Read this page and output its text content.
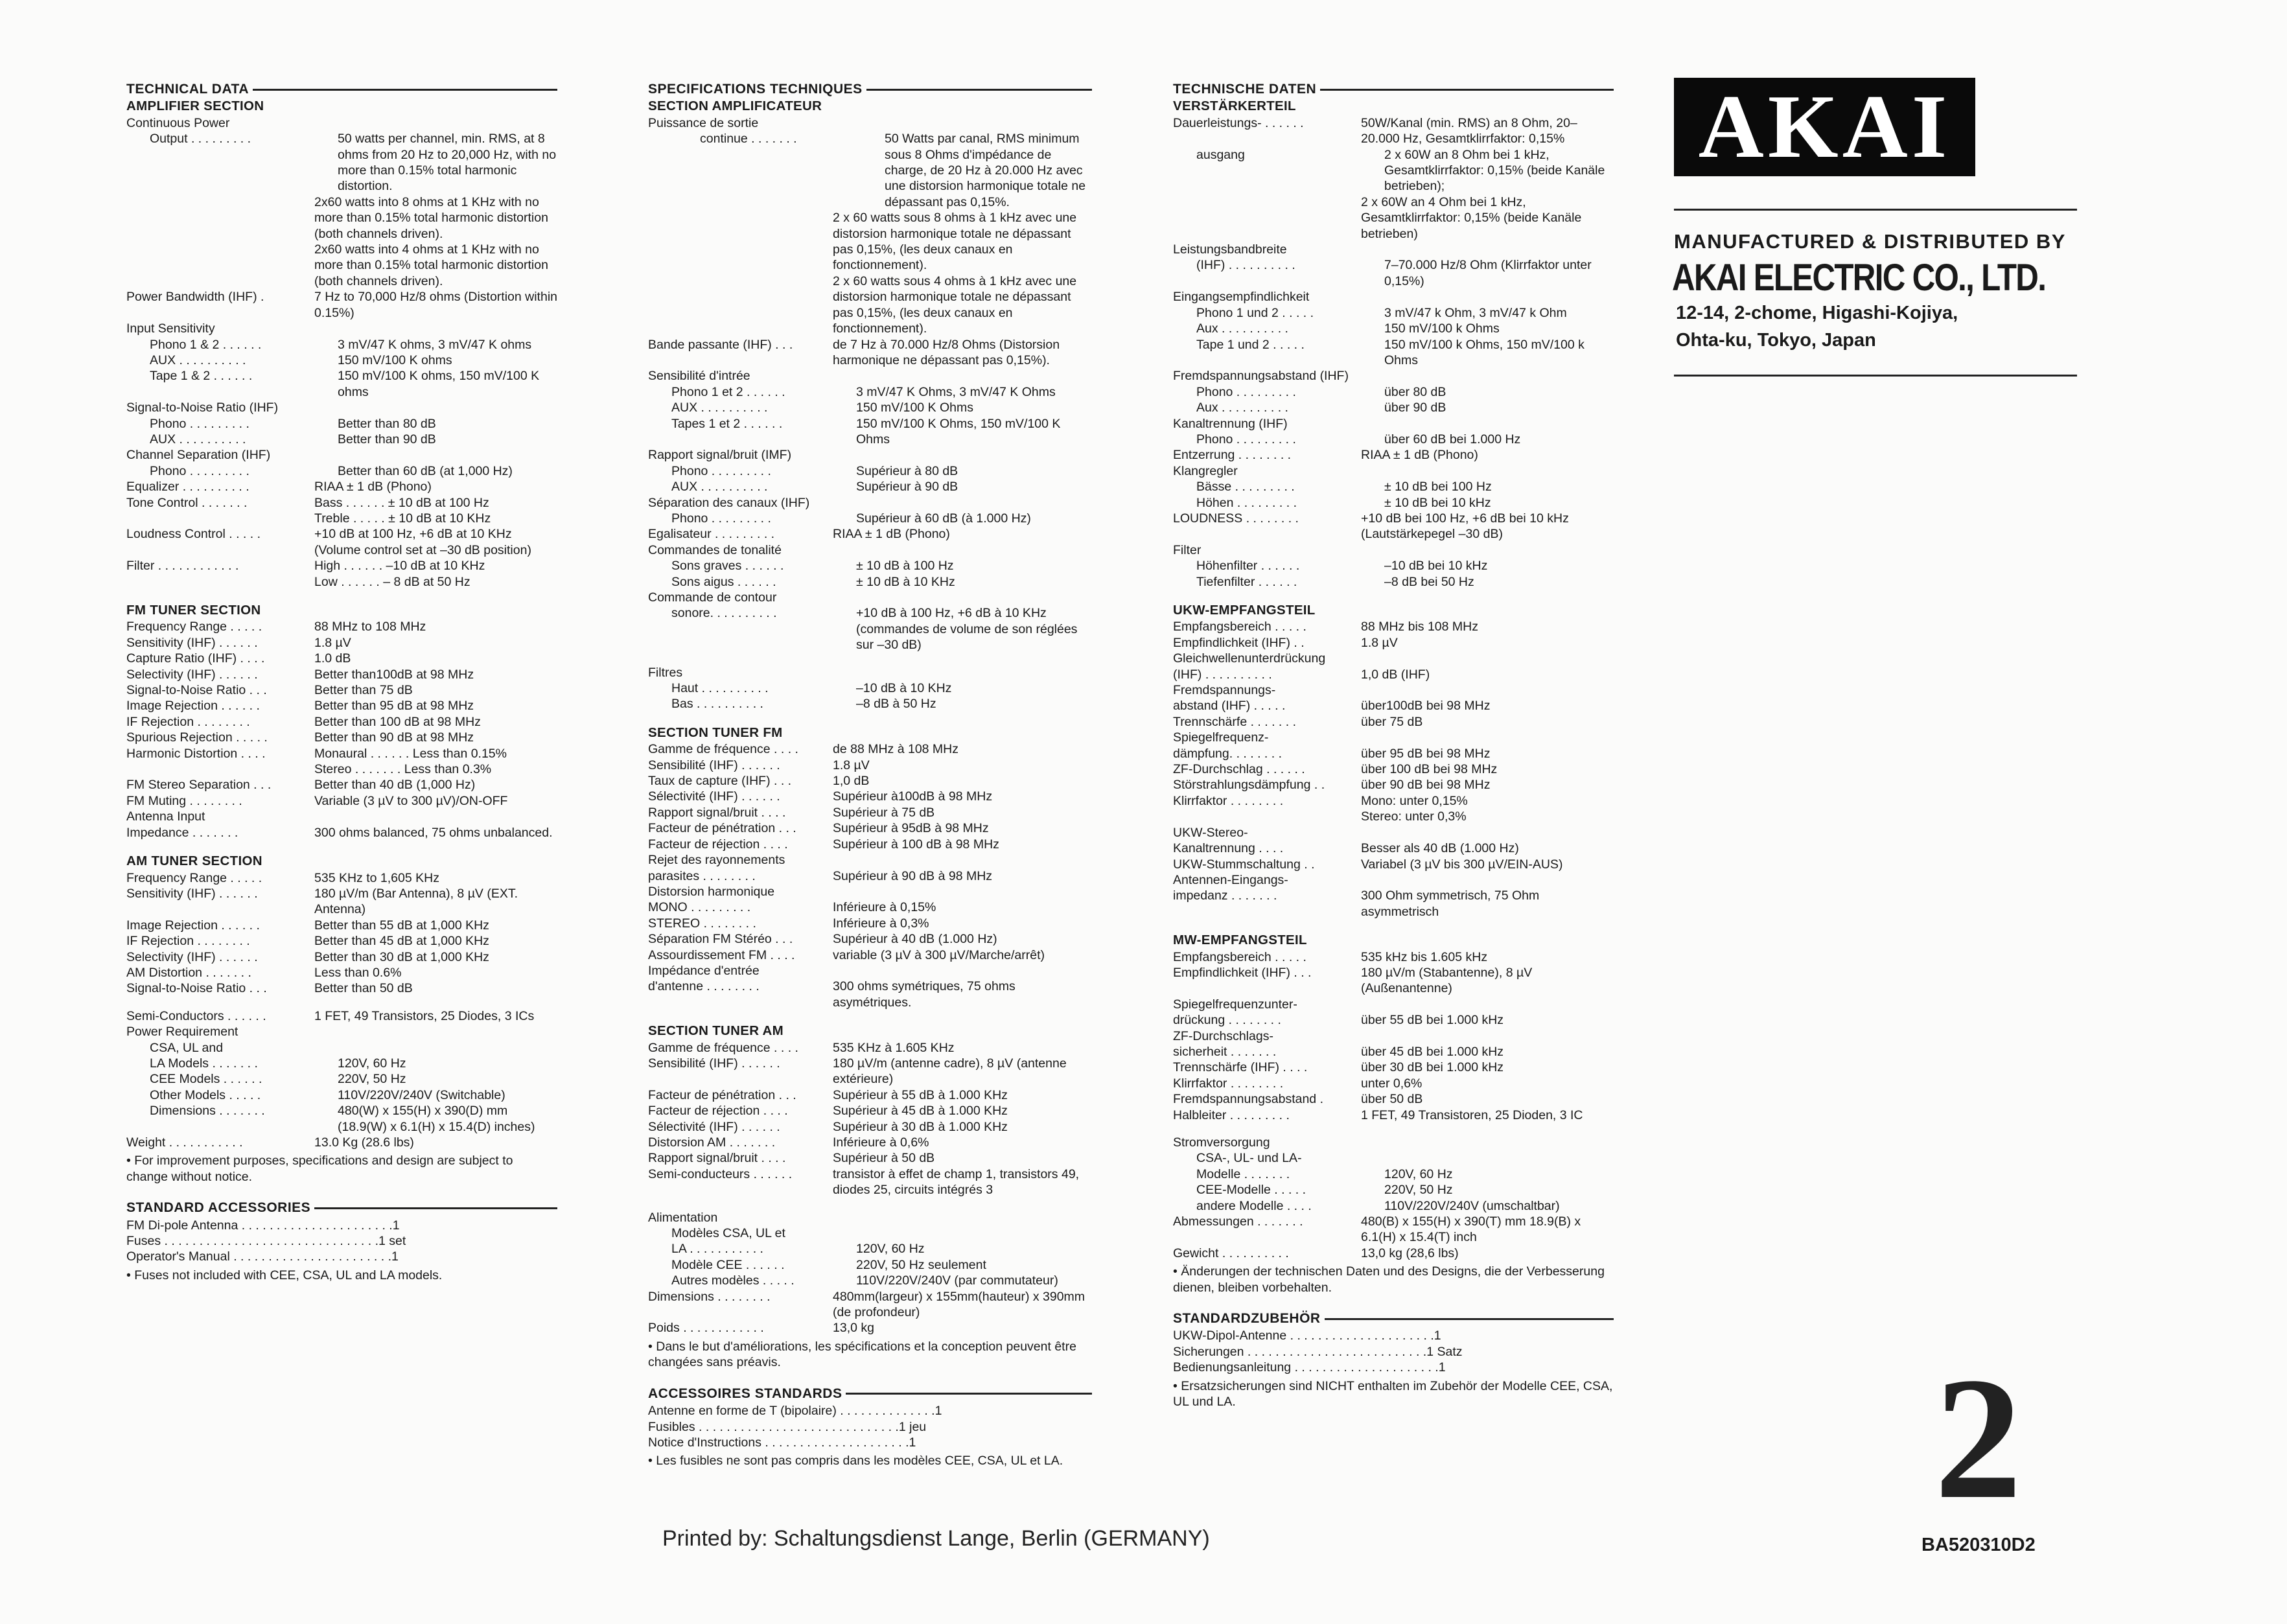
TECHNICAL DATA
AMPLIFIER SECTION
Continuous Power
Output . . . . . . . . .	50 watts per channel, min. RMS, at 8 ohms from 20 Hz to 20,000 Hz, with no more than 0.15% total harmonic distortion.
2x60 watts into 8 ohms at 1 KHz with no more than 0.15% total harmonic distortion (both channels driven).
2x60 watts into 4 ohms at 1 KHz with no more than 0.15% total harmonic distortion (both channels driven).
Power Bandwidth (IHF) .	7 Hz to 70,000 Hz/8 ohms (Distortion within 0.15%)
Input Sensitivity
Phono 1 & 2 . . . . . .	3 mV/47 K ohms, 3 mV/47 K ohms
AUX . . . . . . . . . .	150 mV/100 K ohms
Tape 1 & 2 . . . . . .	150 mV/100 K ohms, 150 mV/100 K ohms
Signal-to-Noise Ratio (IHF)
Phono . . . . . . . . .	Better than 80 dB
AUX . . . . . . . . . .	Better than 90 dB
Channel Separation (IHF)
Phono . . . . . . . . .	Better than 60 dB (at 1,000 Hz)
Equalizer . . . . . . . . . .	RIAA ± 1 dB (Phono)
Tone Control . . . . . . .	Bass . . . . . . ± 10 dB at 100 Hz
Treble . . . . . ± 10 dB at 10 KHz
Loudness Control . . . . .	+10 dB at 100 Hz, +6 dB at 10 KHz (Volume control set at –30 dB position)
Filter . . . . . . . . . . . .	High . . . . . . –10 dB at 10 KHz
Low . . . . . . – 8 dB at 50 Hz
FM TUNER SECTION
Frequency Range . . . . .	88 MHz to 108 MHz
Sensitivity (IHF) . . . . . .	1.8 µV
Capture Ratio (IHF) . . . .	1.0 dB
Selectivity (IHF) . . . . . .	Better than100dB at 98 MHz
Signal-to-Noise Ratio . . .	Better than 75 dB
Image Rejection . . . . . .	Better than 95 dB at 98 MHz
IF Rejection . . . . . . . .	Better than 100 dB at 98 MHz
Spurious Rejection . . . . .	Better than 90 dB at 98 MHz
Harmonic Distortion . . . .	Monaural . . . . . . Less than 0.15%
Stereo . . . . . . . Less than 0.3%
FM Stereo Separation . . .	Better than 40 dB (1,000 Hz)
FM Muting . . . . . . . .	Variable (3 µV to 300 µV)/ON-OFF
Antenna Input
Impedance . . . . . . .	300 ohms balanced, 75 ohms unbalanced.
AM TUNER SECTION
Frequency Range . . . . .	535 KHz to 1,605 KHz
Sensitivity (IHF) . . . . . .	180 µV/m (Bar Antenna), 8 µV (EXT. Antenna)
Image Rejection . . . . . .	Better than 55 dB at 1,000 KHz
IF Rejection . . . . . . . .	Better than 45 dB at 1,000 KHz
Selectivity (IHF) . . . . . .	Better than 30 dB at 1,000 KHz
AM Distortion . . . . . . .	Less than 0.6%
Signal-to-Noise Ratio . . .	Better than 50 dB
Semi-Conductors . . . . . .	1 FET, 49 Transistors, 25 Diodes, 3 ICs
Power Requirement
CSA, UL and
LA Models . . . . . . .	120V, 60 Hz
CEE Models . . . . . .	220V, 50 Hz
Other Models . . . . .	110V/220V/240V (Switchable)
Dimensions . . . . . . .	480(W) x 155(H) x 390(D) mm (18.9(W) x 6.1(H) x 15.4(D) inches)
Weight . . . . . . . . . . .	13.0 Kg (28.6 lbs)
• For improvement purposes, specifications and design are subject to change without notice.
STANDARD ACCESSORIES
FM Di-pole Antenna . . . . . . . . . . . . . . . . . . . . . . 1
Fuses . . . . . . . . . . . . . . . . . . . . . . . . . . . . . . . 1 set
Operator's Manual . . . . . . . . . . . . . . . . . . . . . . . 1
• Fuses not included with CEE, CSA, UL and LA models.
SPECIFICATIONS TECHNIQUES
SECTION AMPLIFICATEUR
Puissance de sortie
continue . . . . . . .	50 Watts par canal, RMS minimum sous 8 Ohms d'impédance de charge, de 20 Hz à 20.000 Hz avec une distorsion harmonique totale ne dépassant pas 0,15%.
2 x 60 watts sous 8 ohms à 1 kHz avec une distorsion harmonique totale ne dépassant pas 0,15%, (les deux canaux en fonctionnement).
2 x 60 watts sous 4 ohms à 1 kHz avec une distorsion harmonique totale ne dépassant pas 0,15%, (les deux canaux en fonctionnement).
Bande passante (IHF) . . .	de 7 Hz à 70.000 Hz/8 Ohms (Distorsion harmonique ne dépassant pas 0,15%).
Sensibilité d'intrée
Phono 1 et 2 . . . . . .	3 mV/47 K Ohms, 3 mV/47 K Ohms
AUX . . . . . . . . . .	150 mV/100 K Ohms
Tapes 1 et 2 . . . . . .	150 mV/100 K Ohms, 150 mV/100 K Ohms
Rapport signal/bruit (IMF)
Phono . . . . . . . . .	Supérieur à 80 dB
AUX . . . . . . . . . .	Supérieur à 90 dB
Séparation des canaux (IHF)
Phono . . . . . . . . .	Supérieur à 60 dB (à 1.000 Hz)
Egalisateur . . . . . . . . .	RIAA ± 1 dB (Phono)
Commandes de tonalité
Sons graves . . . . . .	± 10 dB à 100 Hz
Sons aigus . . . . . .	± 10 dB à 10 KHz
Commande de contour
sonore. . . . . . . . . .	+10 dB à 100 Hz, +6 dB à 10 KHz (commandes de volume de son réglées sur –30 dB)
Filtres
Haut . . . . . . . . . .	–10 dB à 10 KHz
Bas . . . . . . . . . .	–8 dB à 50 Hz
SECTION TUNER FM
Gamme de fréquence . . . .	de 88 MHz à 108 MHz
Sensibilité (IHF) . . . . . .	1.8 µV
Taux de capture (IHF) . . .	1,0 dB
Sélectivité (IHF) . . . . . .	Supérieur à100dB à 98 MHz
Rapport signal/bruit . . . .	Supérieur à 75 dB
Facteur de pénétration . . .	Supérieur à 95dB à 98 MHz
Facteur de réjection . . . .	Supérieur à 100 dB à 98 MHz
Rejet des rayonnements
parasites . . . . . . . .	Supérieur à 90 dB à 98 MHz
Distorsion harmonique
MONO . . . . . . . . .	Inférieure à 0,15%
STEREO . . . . . . . .	Inférieure à 0,3%
Séparation FM Stéréo . . .	Supérieur à 40 dB (1.000 Hz)
Assourdissement FM . . . .	variable (3 µV à 300 µV/Marche/arrêt)
Impédance d'entrée
d'antenne . . . . . . . .	300 ohms symétriques, 75 ohms asymétriques.
SECTION TUNER AM
Gamme de fréquence . . . .	535 KHz à 1.605 KHz
Sensibilité (IHF) . . . . . .	180 µV/m (antenne cadre), 8 µV (antenne extérieure)
Facteur de pénétration . . .	Supérieur à 55 dB à 1.000 KHz
Facteur de réjection . . . .	Supérieur à 45 dB à 1.000 KHz
Sélectivité (IHF) . . . . . .	Supérieur à 30 dB à 1.000 KHz
Distorsion AM . . . . . . .	Inférieure à 0,6%
Rapport signal/bruit . . . .	Supérieur à 50 dB
Semi-conducteurs . . . . . .	transistor à effet de champ 1, transistors 49, diodes 25, circuits intégrés 3
Alimentation
Modèles CSA, UL et
LA . . . . . . . . . . .	120V, 60 Hz
Modèle CEE . . . . . .	220V, 50 Hz seulement
Autres modèles . . . . .	110V/220V/240V (par commutateur)
Dimensions . . . . . . . .	480mm(largeur) x 155mm(hauteur) x 390mm (de profondeur)
Poids . . . . . . . . . . . .	13,0 kg
• Dans le but d'améliorations, les spécifications et la conception peuvent être changées sans préavis.
ACCESSOIRES STANDARDS
Antenne en forme de T (bipolaire) . . . . . . . . . . . . . . 1
Fusibles . . . . . . . . . . . . . . . . . . . . . . . . . . . . . 1 jeu
Notice d'Instructions . . . . . . . . . . . . . . . . . . . . . 1
• Les fusibles ne sont pas compris dans les modèles CEE, CSA, UL et LA.
TECHNISCHE DATEN
VERSTÄRKERTEIL
Dauerleistungs- . . . . . .	50W/Kanal (min. RMS) an 8 Ohm, 20–20.000 Hz, Gesamtklirrfaktor: 0,15%
ausgang	2 x 60W an 8 Ohm bei 1 kHz, Gesamtklirrfaktor: 0,15% (beide Kanäle betrieben);
2 x 60W an 4 Ohm bei 1 kHz, Gesamtklirrfaktor: 0,15% (beide Kanäle betrieben)
Leistungsbandbreite
(IHF) . . . . . . . . . .	7–70.000 Hz/8 Ohm (Klirrfaktor unter 0,15%)
Eingangsempfindlichkeit
Phono 1 und 2 . . . . .	3 mV/47 k Ohm, 3 mV/47 k Ohm
Aux . . . . . . . . . .	150 mV/100 k Ohms
Tape 1 und 2 . . . . .	150 mV/100 k Ohms, 150 mV/100 k Ohms
Fremdspannungsabstand (IHF)
Phono . . . . . . . . .	über 80 dB
Aux . . . . . . . . . .	über 90 dB
Kanaltrennung (IHF)
Phono . . . . . . . . .	über 60 dB bei 1.000 Hz
Entzerrung . . . . . . . .	RIAA ± 1 dB (Phono)
Klangregler
Bässe . . . . . . . . .	± 10 dB bei 100 Hz
Höhen . . . . . . . . .	± 10 dB bei 10 kHz
LOUDNESS . . . . . . . .	+10 dB bei 100 Hz, +6 dB bei 10 kHz (Lautstärkepegel –30 dB)
Filter
Höhenfilter . . . . . .	–10 dB bei 10 kHz
Tiefenfilter . . . . . .	–8 dB bei 50 Hz
UKW-EMPFANGSTEIL
Empfangsbereich . . . . .	88 MHz bis 108 MHz
Empfindlichkeit (IHF) . .	1.8 µV
Gleichwellenunterdrückung
(IHF) . . . . . . . . . .	1,0 dB (IHF)
Fremdspannungs-
abstand (IHF) . . . . .	über100dB bei 98 MHz
Trennschärfe . . . . . . .	über 75 dB
Spiegelfrequenz-
dämpfung. . . . . . . .	über 95 dB bei 98 MHz
ZF-Durchschlag . . . . . .	über 100 dB bei 98 MHz
Störstrahlungsdämpfung . .	über 90 dB bei 98 MHz
Klirrfaktor . . . . . . . .	Mono: unter 0,15%
Stereo: unter 0,3%
UKW-Stereo-
Kanaltrennung . . . .	Besser als 40 dB (1.000 Hz)
UKW-Stummschaltung . .	Variabel (3 µV bis 300 µV/EIN-AUS)
Antennen-Eingangs-
impedanz . . . . . . .	300 Ohm symmetrisch, 75 Ohm asymmetrisch
MW-EMPFANGSTEIL
Empfangsbereich . . . . .	535 kHz bis 1.605 kHz
Empfindlichkeit (IHF) . . .	180 µV/m (Stabantenne), 8 µV (Außenantenne)
Spiegelfrequenzunter-
drückung . . . . . . . .	über 55 dB bei 1.000 kHz
ZF-Durchschlags-
sicherheit . . . . . . .	über 45 dB bei 1.000 kHz
Trennschärfe (IHF) . . . .	über 30 dB bei 1.000 kHz
Klirrfaktor . . . . . . . .	unter 0,6%
Fremdspannungsabstand .	über 50 dB
Halbleiter . . . . . . . . .	1 FET, 49 Transistoren, 25 Dioden, 3 IC
Stromversorgung
CSA-, UL- und LA-
Modelle . . . . . . .	120V, 60 Hz
CEE-Modelle . . . . .	220V, 50 Hz
andere Modelle . . . .	110V/220V/240V (umschaltbar)
Abmessungen . . . . . . .	480(B) x 155(H) x 390(T) mm 18.9(B) x 6.1(H) x 15.4(T) inch
Gewicht . . . . . . . . . .	13,0 kg (28,6 lbs)
• Änderungen der technischen Daten und des Designs, die der Verbesserung dienen, bleiben vorbehalten.
STANDARDZUBEHÖR
UKW-Dipol-Antenne . . . . . . . . . . . . . . . . . . . . . 1
Sicherungen . . . . . . . . . . . . . . . . . . . . . . . . . . 1 Satz
Bedienungsanleitung . . . . . . . . . . . . . . . . . . . . . 1
• Ersatzsicherungen sind NICHT enthalten im Zubehör der Modelle CEE, CSA, UL und LA.
AKAI
MANUFACTURED & DISTRIBUTED BY
AKAI ELECTRIC CO., LTD.
12-14, 2-chome, Higashi-Kojiya,
Ohta-ku, Tokyo, Japan
2
Printed by: Schaltungsdienst Lange, Berlin (GERMANY)	BA520310D2
